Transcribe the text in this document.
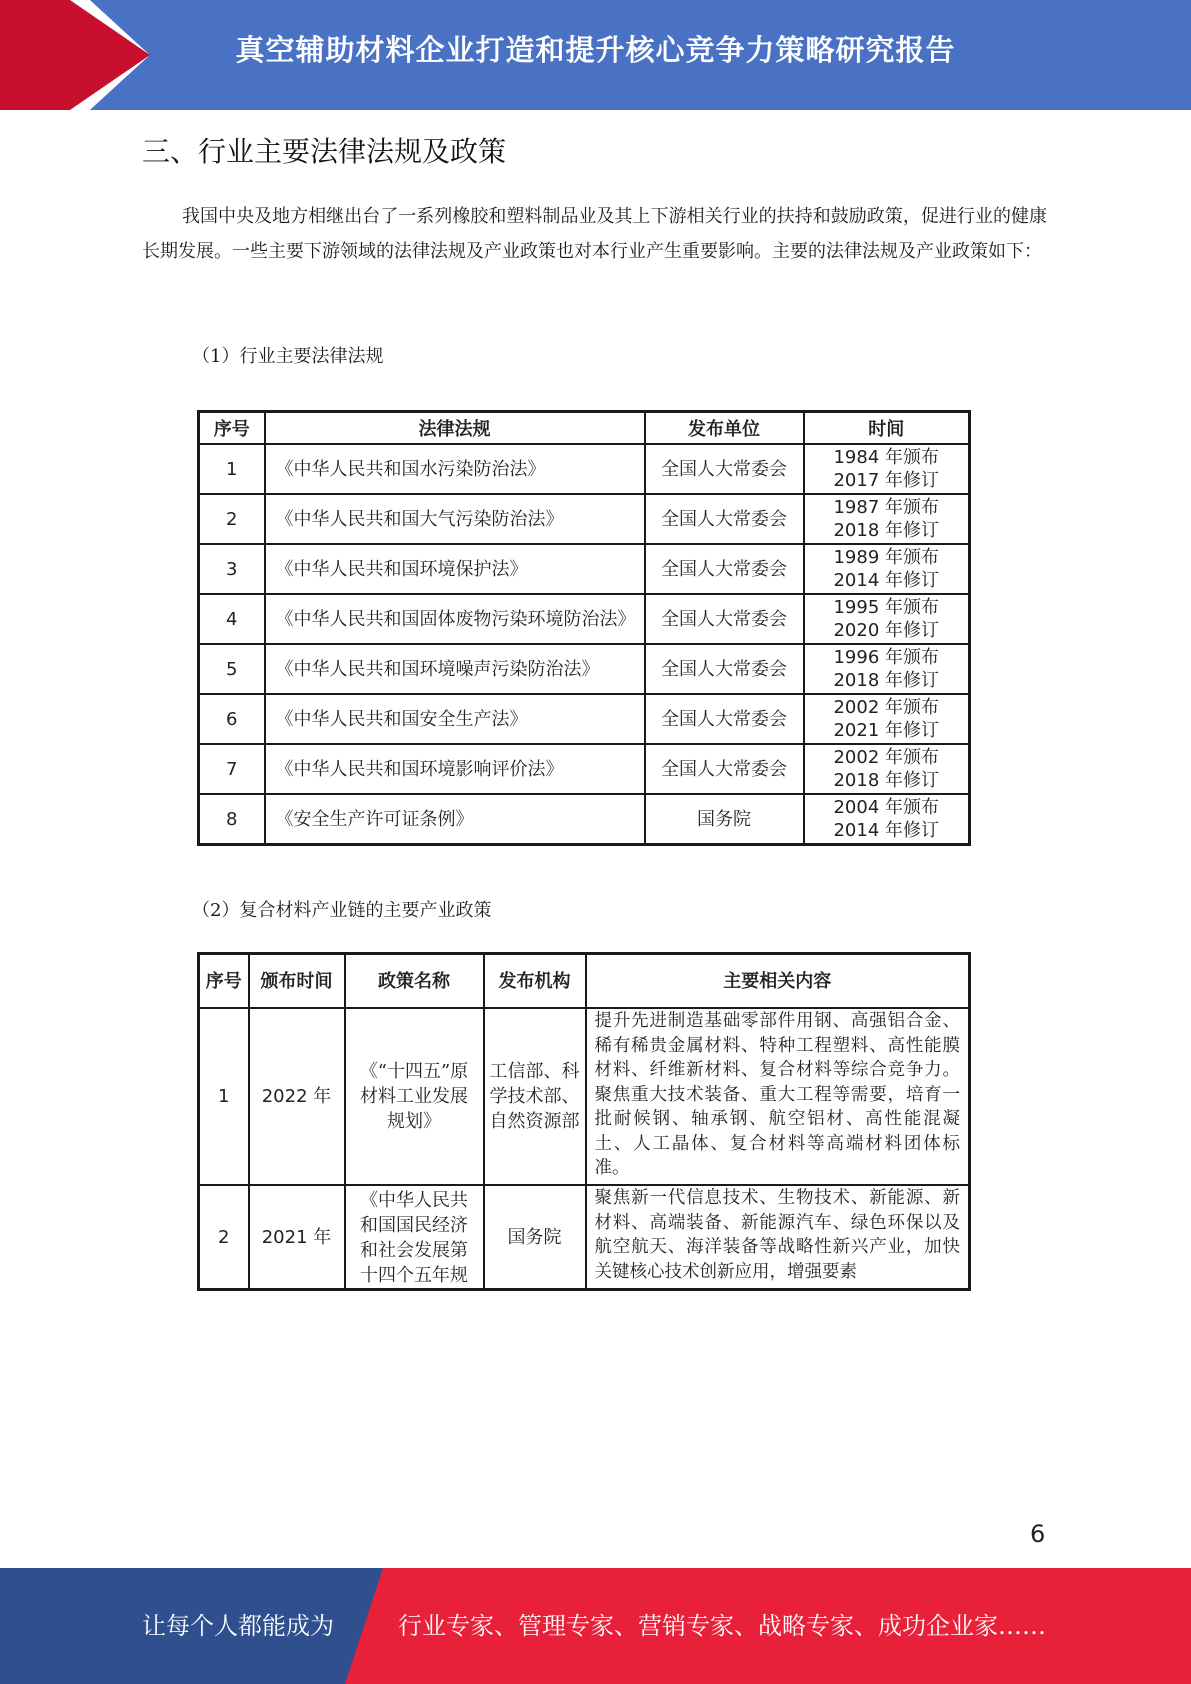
真空辅助材料企业打造和提升核心竞争力策略研究报告
三、行业主要法律法规及政策
我国中央及地方相继出台了一系列橡胶和塑料制品业及其上下游相关行业的扶持和鼓励政策，促进行业的健康长期发展。一些主要下游领域的法律法规及产业政策也对本行业产生重要影响。主要的法律法规及产业政策如下：
（1）行业主要法律法规
序号	法律法规	发布单位	时间
1	《中华人民共和国水污染防治法》	全国人大常委会	1984 年颁布
2017 年修订

2	《中华人民共和国大气污染防治法》	全国人大常委会	1987 年颁布
2018 年修订

3	《中华人民共和国环境保护法》	全国人大常委会	1989 年颁布
2014 年修订

4	《中华人民共和国固体废物污染环境防治法》	全国人大常委会	1995 年颁布
2020 年修订

5	《中华人民共和国环境噪声污染防治法》	全国人大常委会	1996 年颁布
2018 年修订

6	《中华人民共和国安全生产法》	全国人大常委会	2002 年颁布
2021 年修订

7	《中华人民共和国环境影响评价法》	全国人大常委会	2002 年颁布
2018 年修订

8	《安全生产许可证条例》	国务院	2004 年颁布
2014 年修订
（2）复合材料产业链的主要产业政策
序号	颁布时间	政策名称	发布机构	主要相关内容
1	2022 年	《“十四五”原材料工业发展规划》	工信部、科学技术部、自然资源部	提升先进制造基础零部件用钢、高强铝合金、稀有稀贵金属材料、特种工程塑料、高性能膜材料、纤维新材料、复合材料等综合竞争力。聚焦重大技术装备、重大工程等需要，培育一批耐候钢、轴承钢、航空铝材、高性能混凝土、人工晶体、复合材料等高端材料团体标准。
2	2021 年	《中华人民共和国国民经济和社会发展第十四个五年规	国务院	聚焦新一代信息技术、生物技术、新能源、新材料、高端装备、新能源汽车、绿色环保以及航空航天、海洋装备等战略性新兴产业，加快关键核心技术创新应用，增强要素
6
让每个人都能成为	行业专家、管理专家、营销专家、战略专家、成功企业家……
